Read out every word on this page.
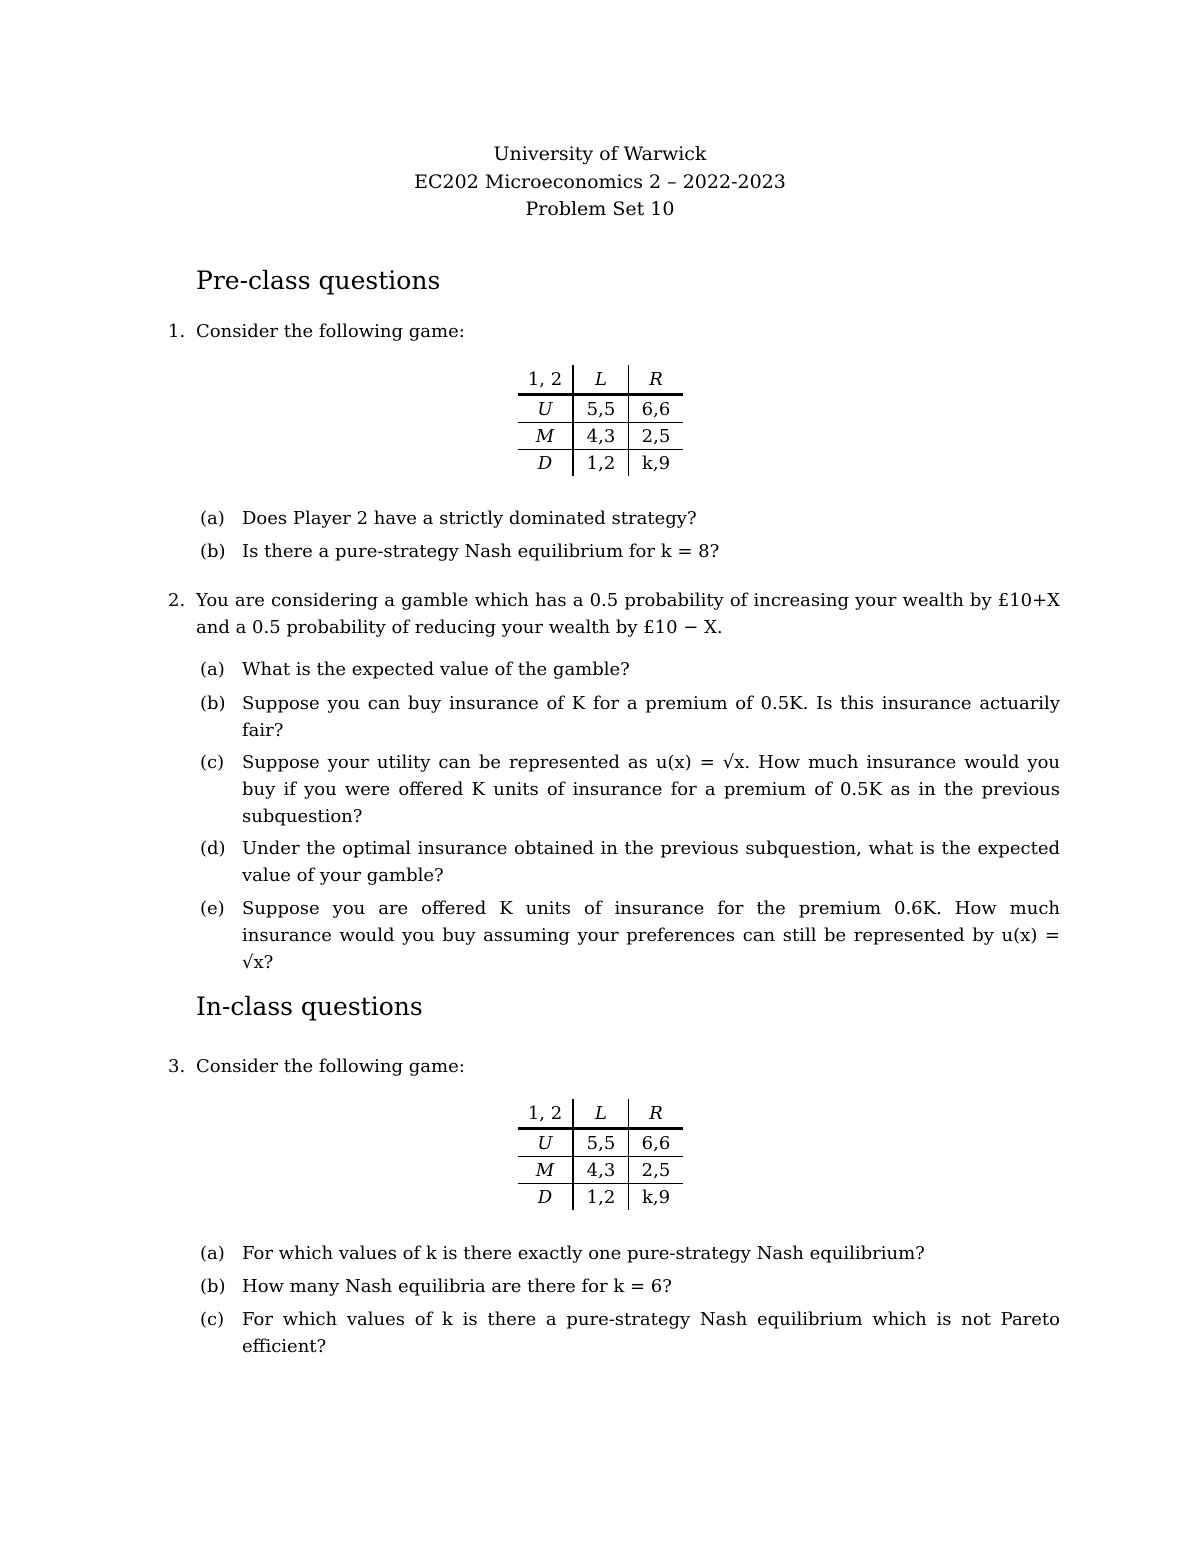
University of Warwick
EC202 Microeconomics 2 – 2022-2023
Problem Set 10
Pre-class questions
1. Consider the following game:
1, 2	L	R
U	5,5	6,6
M	4,3	2,5
D	1,2	k,9
(a) Does Player 2 have a strictly dominated strategy?
(b) Is there a pure-strategy Nash equilibrium for k = 8?
2. You are considering a gamble which has a 0.5 probability of increasing your wealth by £10+X and a 0.5 probability of reducing your wealth by £10 − X.
(a) What is the expected value of the gamble?
(b) Suppose you can buy insurance of K for a premium of 0.5K. Is this insurance actuarily fair?
(c) Suppose your utility can be represented as u(x) = √x. How much insurance would you buy if you were offered K units of insurance for a premium of 0.5K as in the previous subquestion?
(d) Under the optimal insurance obtained in the previous subquestion, what is the expected value of your gamble?
(e) Suppose you are offered K units of insurance for the premium 0.6K. How much insurance would you buy assuming your preferences can still be represented by u(x) = √x?
In-class questions
3. Consider the following game:
1, 2	L	R
U	5,5	6,6
M	4,3	2,5
D	1,2	k,9
(a) For which values of k is there exactly one pure-strategy Nash equilibrium?
(b) How many Nash equilibria are there for k = 6?
(c) For which values of k is there a pure-strategy Nash equilibrium which is not Pareto efficient?
